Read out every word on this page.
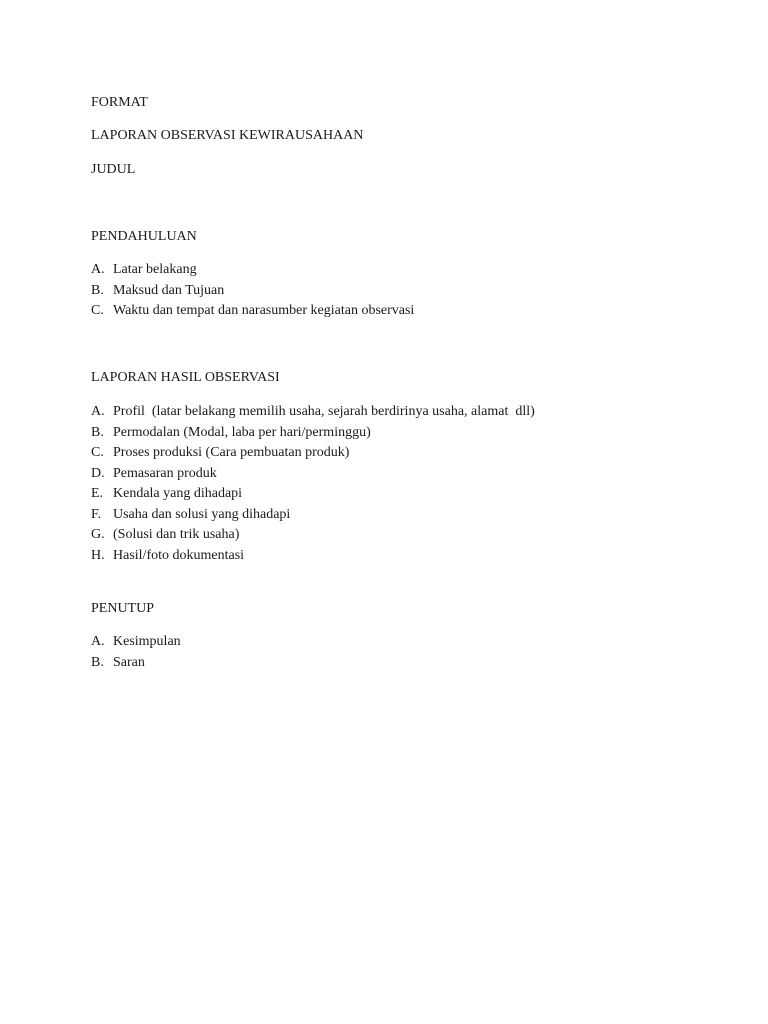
FORMAT
LAPORAN OBSERVASI KEWIRAUSAHAAN
JUDUL
PENDAHULUAN
A. Latar belakang
B. Maksud dan Tujuan
C. Waktu dan tempat dan narasumber kegiatan observasi
LAPORAN HASIL OBSERVASI
A. Profil  (latar belakang memilih usaha, sejarah berdirinya usaha, alamat  dll)
B. Permodalan (Modal, laba per hari/perminggu)
C. Proses produksi (Cara pembuatan produk)
D. Pemasaran produk
E. Kendala yang dihadapi
F. Usaha dan solusi yang dihadapi
G. (Solusi dan trik usaha)
H. Hasil/foto dokumentasi
PENUTUP
A. Kesimpulan
B. Saran
